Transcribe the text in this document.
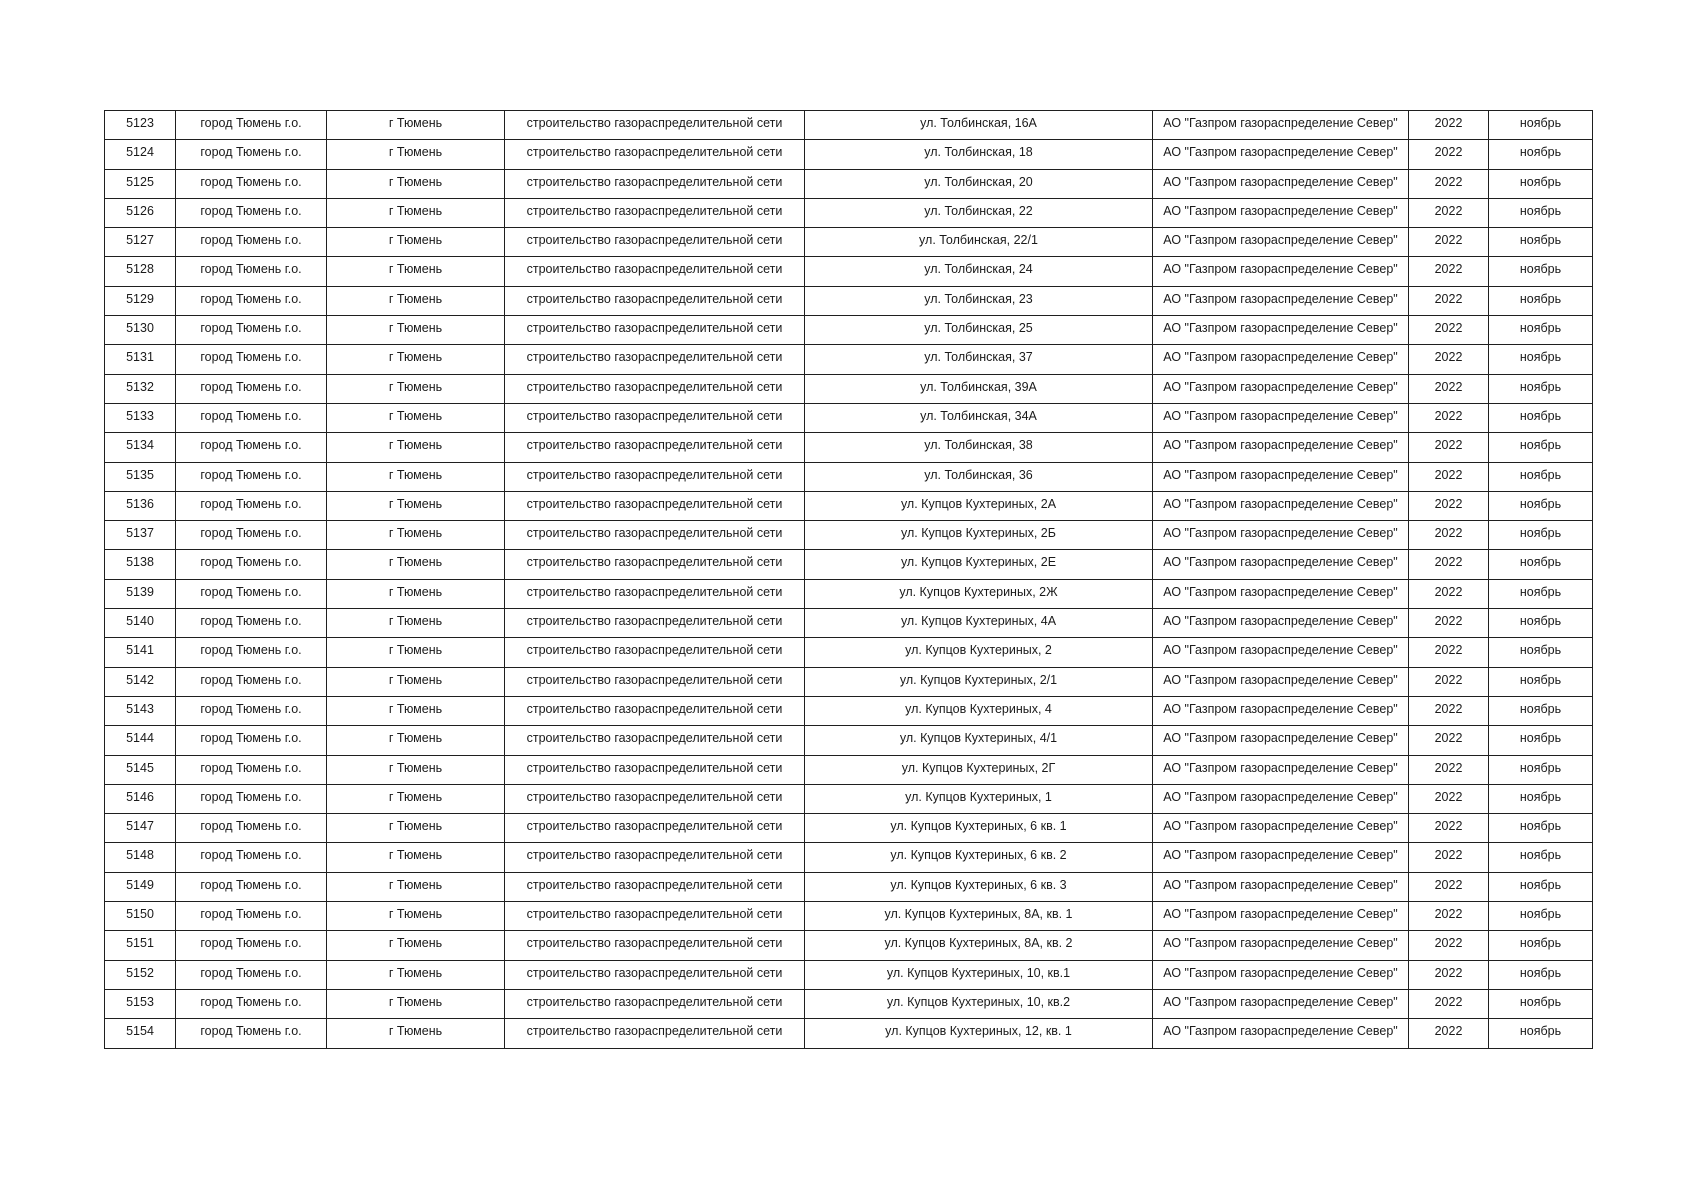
5123	город Тюмень г.о.	г Тюмень	строительство газораспределительной сети	ул. Толбинская, 16А	АО "Газпром газораспределение Север"	2022	ноябрь
5124	город Тюмень г.о.	г Тюмень	строительство газораспределительной сети	ул. Толбинская, 18	АО "Газпром газораспределение Север"	2022	ноябрь
5125	город Тюмень г.о.	г Тюмень	строительство газораспределительной сети	ул. Толбинская, 20	АО "Газпром газораспределение Север"	2022	ноябрь
5126	город Тюмень г.о.	г Тюмень	строительство газораспределительной сети	ул. Толбинская, 22	АО "Газпром газораспределение Север"	2022	ноябрь
5127	город Тюмень г.о.	г Тюмень	строительство газораспределительной сети	ул. Толбинская, 22/1	АО "Газпром газораспределение Север"	2022	ноябрь
5128	город Тюмень г.о.	г Тюмень	строительство газораспределительной сети	ул. Толбинская, 24	АО "Газпром газораспределение Север"	2022	ноябрь
5129	город Тюмень г.о.	г Тюмень	строительство газораспределительной сети	ул. Толбинская, 23	АО "Газпром газораспределение Север"	2022	ноябрь
5130	город Тюмень г.о.	г Тюмень	строительство газораспределительной сети	ул. Толбинская, 25	АО "Газпром газораспределение Север"	2022	ноябрь
5131	город Тюмень г.о.	г Тюмень	строительство газораспределительной сети	ул. Толбинская, 37	АО "Газпром газораспределение Север"	2022	ноябрь
5132	город Тюмень г.о.	г Тюмень	строительство газораспределительной сети	ул. Толбинская, 39А	АО "Газпром газораспределение Север"	2022	ноябрь
5133	город Тюмень г.о.	г Тюмень	строительство газораспределительной сети	ул. Толбинская, 34А	АО "Газпром газораспределение Север"	2022	ноябрь
5134	город Тюмень г.о.	г Тюмень	строительство газораспределительной сети	ул. Толбинская, 38	АО "Газпром газораспределение Север"	2022	ноябрь
5135	город Тюмень г.о.	г Тюмень	строительство газораспределительной сети	ул. Толбинская, 36	АО "Газпром газораспределение Север"	2022	ноябрь
5136	город Тюмень г.о.	г Тюмень	строительство газораспределительной сети	ул. Купцов Кухтериных, 2А	АО "Газпром газораспределение Север"	2022	ноябрь
5137	город Тюмень г.о.	г Тюмень	строительство газораспределительной сети	ул. Купцов Кухтериных, 2Б	АО "Газпром газораспределение Север"	2022	ноябрь
5138	город Тюмень г.о.	г Тюмень	строительство газораспределительной сети	ул. Купцов Кухтериных, 2Е	АО "Газпром газораспределение Север"	2022	ноябрь
5139	город Тюмень г.о.	г Тюмень	строительство газораспределительной сети	ул. Купцов Кухтериных, 2Ж	АО "Газпром газораспределение Север"	2022	ноябрь
5140	город Тюмень г.о.	г Тюмень	строительство газораспределительной сети	ул. Купцов Кухтериных, 4А	АО "Газпром газораспределение Север"	2022	ноябрь
5141	город Тюмень г.о.	г Тюмень	строительство газораспределительной сети	ул. Купцов Кухтериных, 2	АО "Газпром газораспределение Север"	2022	ноябрь
5142	город Тюмень г.о.	г Тюмень	строительство газораспределительной сети	ул. Купцов Кухтериных, 2/1	АО "Газпром газораспределение Север"	2022	ноябрь
5143	город Тюмень г.о.	г Тюмень	строительство газораспределительной сети	ул. Купцов Кухтериных, 4	АО "Газпром газораспределение Север"	2022	ноябрь
5144	город Тюмень г.о.	г Тюмень	строительство газораспределительной сети	ул. Купцов Кухтериных, 4/1	АО "Газпром газораспределение Север"	2022	ноябрь
5145	город Тюмень г.о.	г Тюмень	строительство газораспределительной сети	ул. Купцов Кухтериных, 2Г	АО "Газпром газораспределение Север"	2022	ноябрь
5146	город Тюмень г.о.	г Тюмень	строительство газораспределительной сети	ул. Купцов Кухтериных, 1	АО "Газпром газораспределение Север"	2022	ноябрь
5147	город Тюмень г.о.	г Тюмень	строительство газораспределительной сети	ул. Купцов Кухтериных, 6 кв. 1	АО "Газпром газораспределение Север"	2022	ноябрь
5148	город Тюмень г.о.	г Тюмень	строительство газораспределительной сети	ул. Купцов Кухтериных, 6 кв. 2	АО "Газпром газораспределение Север"	2022	ноябрь
5149	город Тюмень г.о.	г Тюмень	строительство газораспределительной сети	ул. Купцов Кухтериных, 6 кв. 3	АО "Газпром газораспределение Север"	2022	ноябрь
5150	город Тюмень г.о.	г Тюмень	строительство газораспределительной сети	ул. Купцов Кухтериных, 8А, кв. 1	АО "Газпром газораспределение Север"	2022	ноябрь
5151	город Тюмень г.о.	г Тюмень	строительство газораспределительной сети	ул. Купцов Кухтериных, 8А, кв. 2	АО "Газпром газораспределение Север"	2022	ноябрь
5152	город Тюмень г.о.	г Тюмень	строительство газораспределительной сети	ул. Купцов Кухтериных, 10, кв.1	АО "Газпром газораспределение Север"	2022	ноябрь
5153	город Тюмень г.о.	г Тюмень	строительство газораспределительной сети	ул. Купцов Кухтериных, 10, кв.2	АО "Газпром газораспределение Север"	2022	ноябрь
5154	город Тюмень г.о.	г Тюмень	строительство газораспределительной сети	ул. Купцов Кухтериных, 12, кв. 1	АО "Газпром газораспределение Север"	2022	ноябрь
